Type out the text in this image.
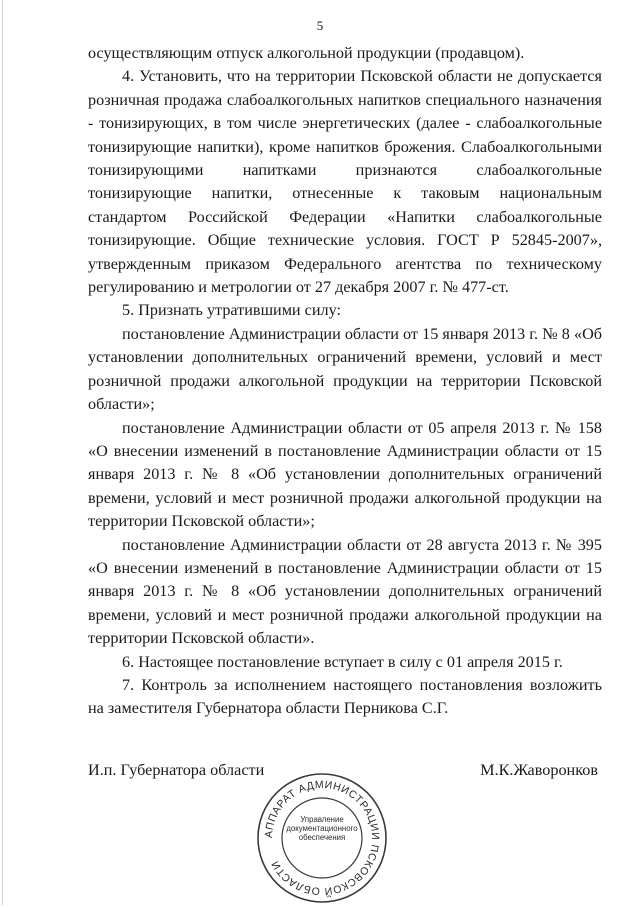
5

осуществляющим отпуск алкогольной продукции (продавцом).

4. Установить, что на территории Псковской области не допускается розничная продажа слабоалкогольных напитков специального назначения - тонизирующих, в том числе энергетических (далее - слабоалкогольные тонизирующие напитки), кроме напитков брожения. Слабоалкогольными тонизирующими напитками признаются слабоалкогольные тонизирующие напитки, отнесенные к таковым национальным стандартом Российской Федерации «Напитки слабоалкогольные тонизирующие. Общие технические условия. ГОСТ Р 52845-2007», утвержденным приказом Федерального агентства по техническому регулированию и метрологии от 27 декабря 2007 г. № 477-ст.

5. Признать утратившими силу:

постановление Администрации области от 15 января 2013 г. № 8 «Об установлении дополнительных ограничений времени, условий и мест розничной продажи алкогольной продукции на территории Псковской области»;

постановление Администрации области от 05 апреля 2013 г. № 158 «О внесении изменений в постановление Администрации области от 15 января 2013 г. № 8 «Об установлении дополнительных ограничений времени, условий и мест розничной продажи алкогольной продукции на территории Псковской области»;

постановление Администрации области от 28 августа 2013 г. № 395 «О внесении изменений в постановление Администрации области от 15 января 2013 г. № 8 «Об установлении дополнительных ограничений времени, условий и мест розничной продажи алкогольной продукции на территории Псковской области».

6. Настоящее постановление вступает в силу с 01 апреля 2015 г.

7. Контроль за исполнением настоящего постановления возложить на заместителя Губернатора области Перникова С.Г.

И.п. Губернатора области	М.К.Жаворонков
АППАРАТ АДМИНИСТРАЦИИ ПСКОВСКОЙ ОБЛАСТИ
Управление документационного обеспечения
